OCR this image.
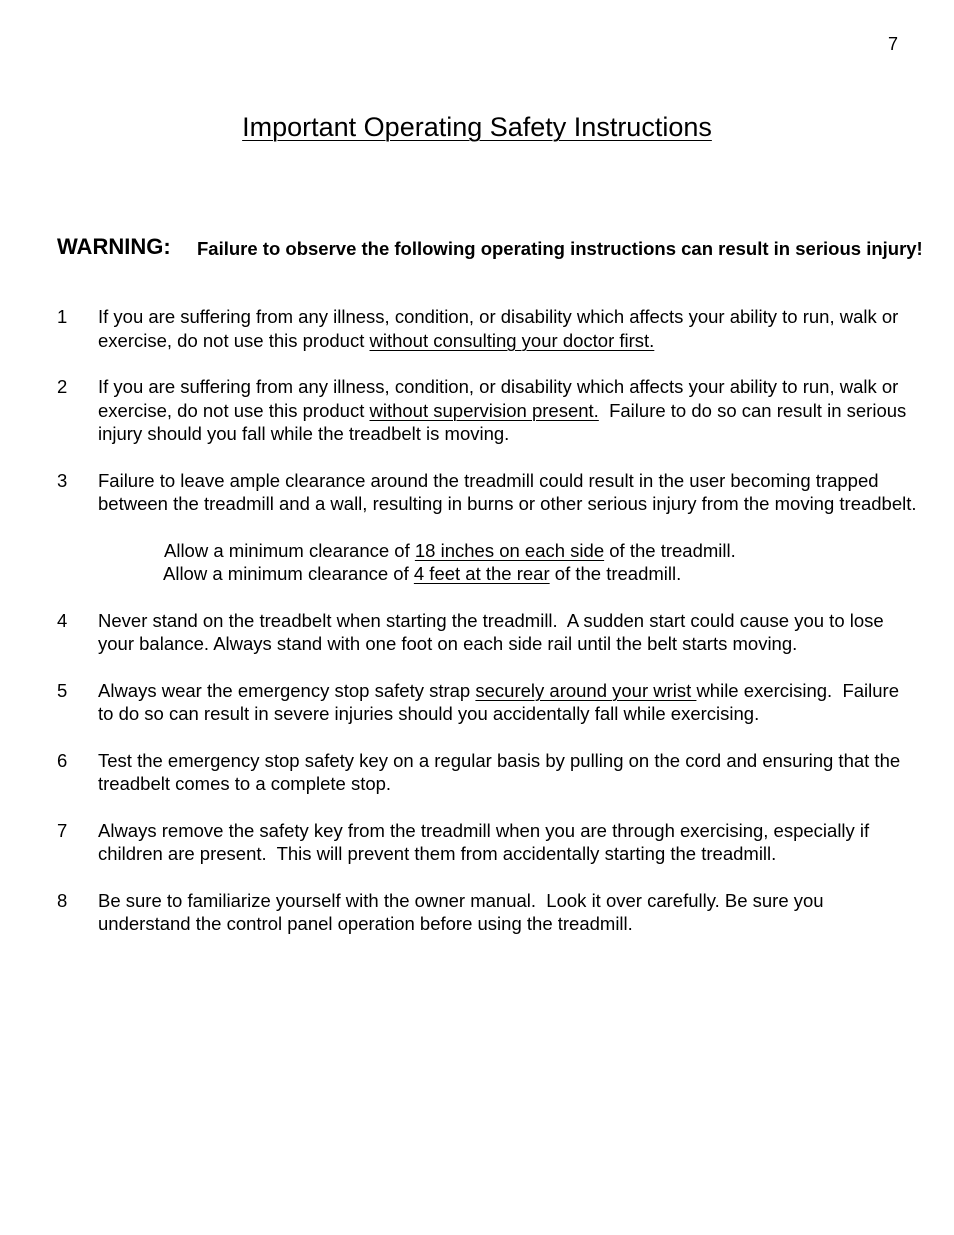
7
Important Operating Safety Instructions
WARNING: Failure to observe the following operating instructions can result in serious injury!
1 If you are suffering from any illness, condition, or disability which affects your ability to run, walk or exercise, do not use this product without consulting your doctor first.
2 If you are suffering from any illness, condition, or disability which affects your ability to run, walk or exercise, do not use this product without supervision present.  Failure to do so can result in serious injury should you fall while the treadbelt is moving.
3 Failure to leave ample clearance around the treadmill could result in the user becoming trapped between the treadmill and a wall, resulting in burns or other serious injury from the moving treadbelt.
Allow a minimum clearance of 18 inches on each side of the treadmill.
Allow a minimum clearance of 4 feet at the rear of the treadmill.
4 Never stand on the treadbelt when starting the treadmill.  A sudden start could cause you to lose your balance. Always stand with one foot on each side rail until the belt starts moving.
5 Always wear the emergency stop safety strap securely around your wrist while exercising.  Failure to do so can result in severe injuries should you accidentally fall while exercising.
6 Test the emergency stop safety key on a regular basis by pulling on the cord and ensuring that the treadbelt comes to a complete stop.
7 Always remove the safety key from the treadmill when you are through exercising, especially if children are present.  This will prevent them from accidentally starting the treadmill.
8 Be sure to familiarize yourself with the owner manual.  Look it over carefully. Be sure you understand the control panel operation before using the treadmill.
